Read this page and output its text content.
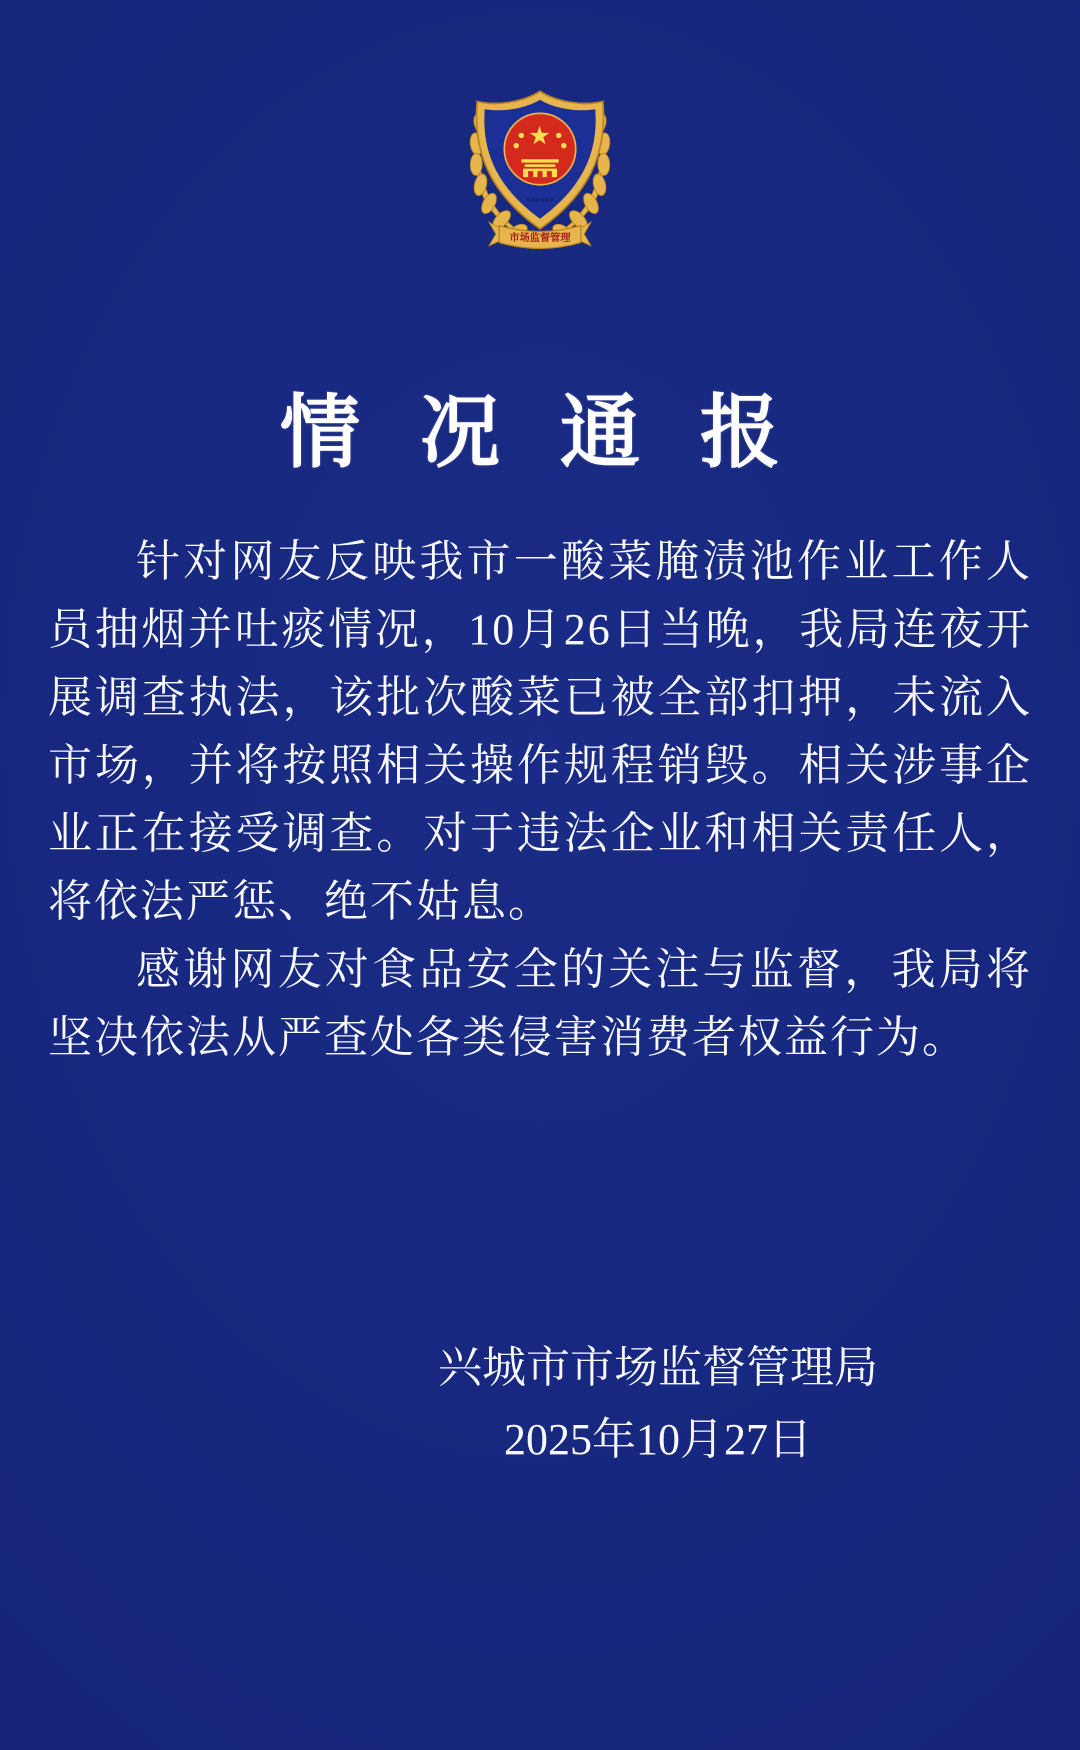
⁎⁎⁎⁎⁎⁎
市场监督管理
情 况 通 报

针对网友反映我市一酸菜腌渍池作业工作人员抽烟并吐痰情况，10月26日当晚，我局连夜开展调查执法，该批次酸菜已被全部扣押，未流入市场，并将按照相关操作规程销毁。相关涉事企业正在接受调查。对于违法企业和相关责任人，将依法严惩、绝不姑息。

感谢网友对食品安全的关注与监督，我局将坚决依法从严查处各类侵害消费者权益行为。

兴城市市场监督管理局
2025年10月27日
